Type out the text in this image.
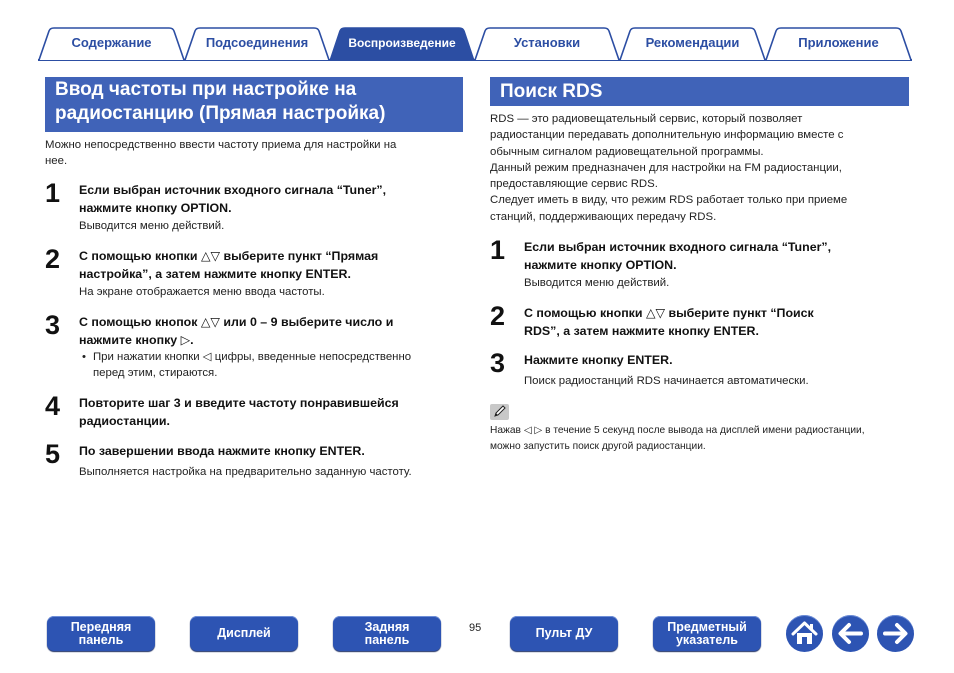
Содержание	Подсоединения	Воспроизведение	Установки	Рекомендации	Приложение
Ввод частоты при настройке на
радиостанцию (Прямая настройка)
Можно непосредственно ввести частоту приема для настройки на
нее.
1 Если выбран источник входного сигнала “Tuner”,
нажмите кнопку OPTION.
Выводится меню действий.
2 С помощью кнопки △▽ выберите пункт “Прямая
настройка”, а затем нажмите кнопку ENTER.
На экране отображается меню ввода частоты.
3 С помощью кнопок △▽ или 0 – 9 выберите число и
нажмите кнопку ▷.
• При нажатии кнопки ◁ цифры, введенные непосредственно
перед этим, стираются.
4 Повторите шаг 3 и введите частоту понравившейся
радиостанции.
5 По завершении ввода нажмите кнопку ENTER.
Выполняется настройка на предварительно заданную частоту.
Поиск RDS
RDS — это радиовещательный сервис, который позволяет
радиостанции передавать дополнительную информацию вместе с
обычным сигналом радиовещательной программы.
Данный режим предназначен для настройки на FM радиостанции,
предоставляющие сервис RDS.
Следует иметь в виду, что режим RDS работает только при приеме
станций, поддерживающих передачу RDS.
1 Если выбран источник входного сигнала “Tuner”,
нажмите кнопку OPTION.
Выводится меню действий.
2 С помощью кнопки △▽ выберите пункт “Поиск
RDS”, а затем нажмите кнопку ENTER.
3 Нажмите кнопку ENTER.
Поиск радиостанций RDS начинается автоматически.
Нажав ◁ ▷ в течение 5 секунд после вывода на дисплей имени радиостанции,
можно запустить поиск другой радиостанции.
Передняя
панель	Дисплей	Задняя
панель
95	Пульт ДУ	Предметный
указатель
